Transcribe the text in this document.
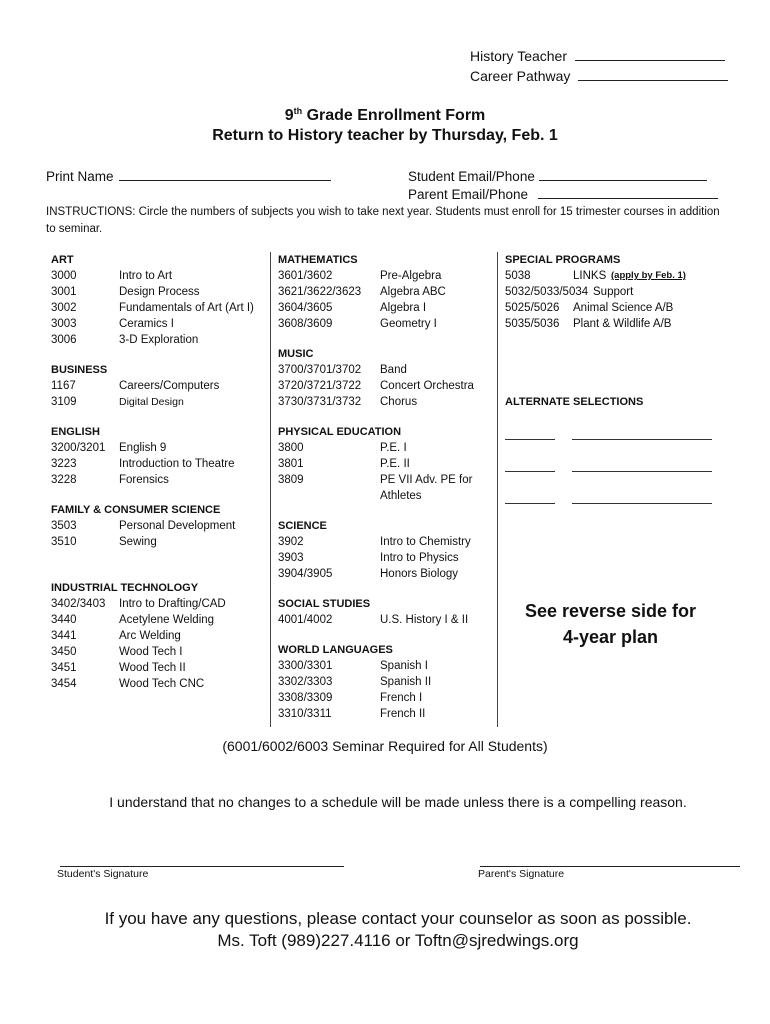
History Teacher
Career Pathway
9th Grade Enrollment Form
Return to History teacher by Thursday, Feb. 1
Print Name	Student Email/Phone
Parent Email/Phone
INSTRUCTIONS: Circle the numbers of subjects you wish to take next year. Students must enroll for 15 trimester courses in addition to seminar.
ART
3000	Intro to Art
3001	Design Process
3002	Fundamentals of Art (Art I)
3003	Ceramics I
3006	3-D Exploration
BUSINESS
1167	Careers/Computers
3109	Digital Design
ENGLISH
3200/3201 English 9
3223	Introduction to Theatre
3228	Forensics
FAMILY & CONSUMER SCIENCE
3503	Personal Development
3510	Sewing
INDUSTRIAL TECHNOLOGY
3402/3403 Intro to Drafting/CAD
3440	Acetylene Welding
3441	Arc Welding
3450	Wood Tech I
3451	Wood Tech II
3454	Wood Tech CNC
MATHEMATICS
3601/3602	Pre-Algebra
3621/3622/3623 Algebra ABC
3604/3605	Algebra I
3608/3609	Geometry I
MUSIC
3700/3701/3702 Band
3720/3721/3722 Concert Orchestra
3730/3731/3732 Chorus
PHYSICAL EDUCATION
3800	P.E. I
3801	P.E. II
3809	PE VII Adv. PE for
Athletes
SCIENCE
3902	Intro to Chemistry
3903	Intro to Physics
3904/3905	Honors Biology
SOCIAL STUDIES
4001/4002	U.S. History I & II
WORLD LANGUAGES
3300/3301	Spanish I
3302/3303	Spanish II
3308/3309	French I
3310/3311	French II
SPECIAL PROGRAMS
5038	LINKS (apply by Feb. 1)
5032/5033/5034 Support
5025/5026 Animal Science A/B
5035/5036 Plant & Wildlife A/B
ALTERNATE SELECTIONS
See reverse side for
4-year plan
(6001/6002/6003 Seminar Required for All Students)
I understand that no changes to a schedule will be made unless there is a compelling reason.
Student's Signature	Parent's Signature
If you have any questions, please contact your counselor as soon as possible.
Ms. Toft (989)227.4116 or Toftn@sjredwings.org
